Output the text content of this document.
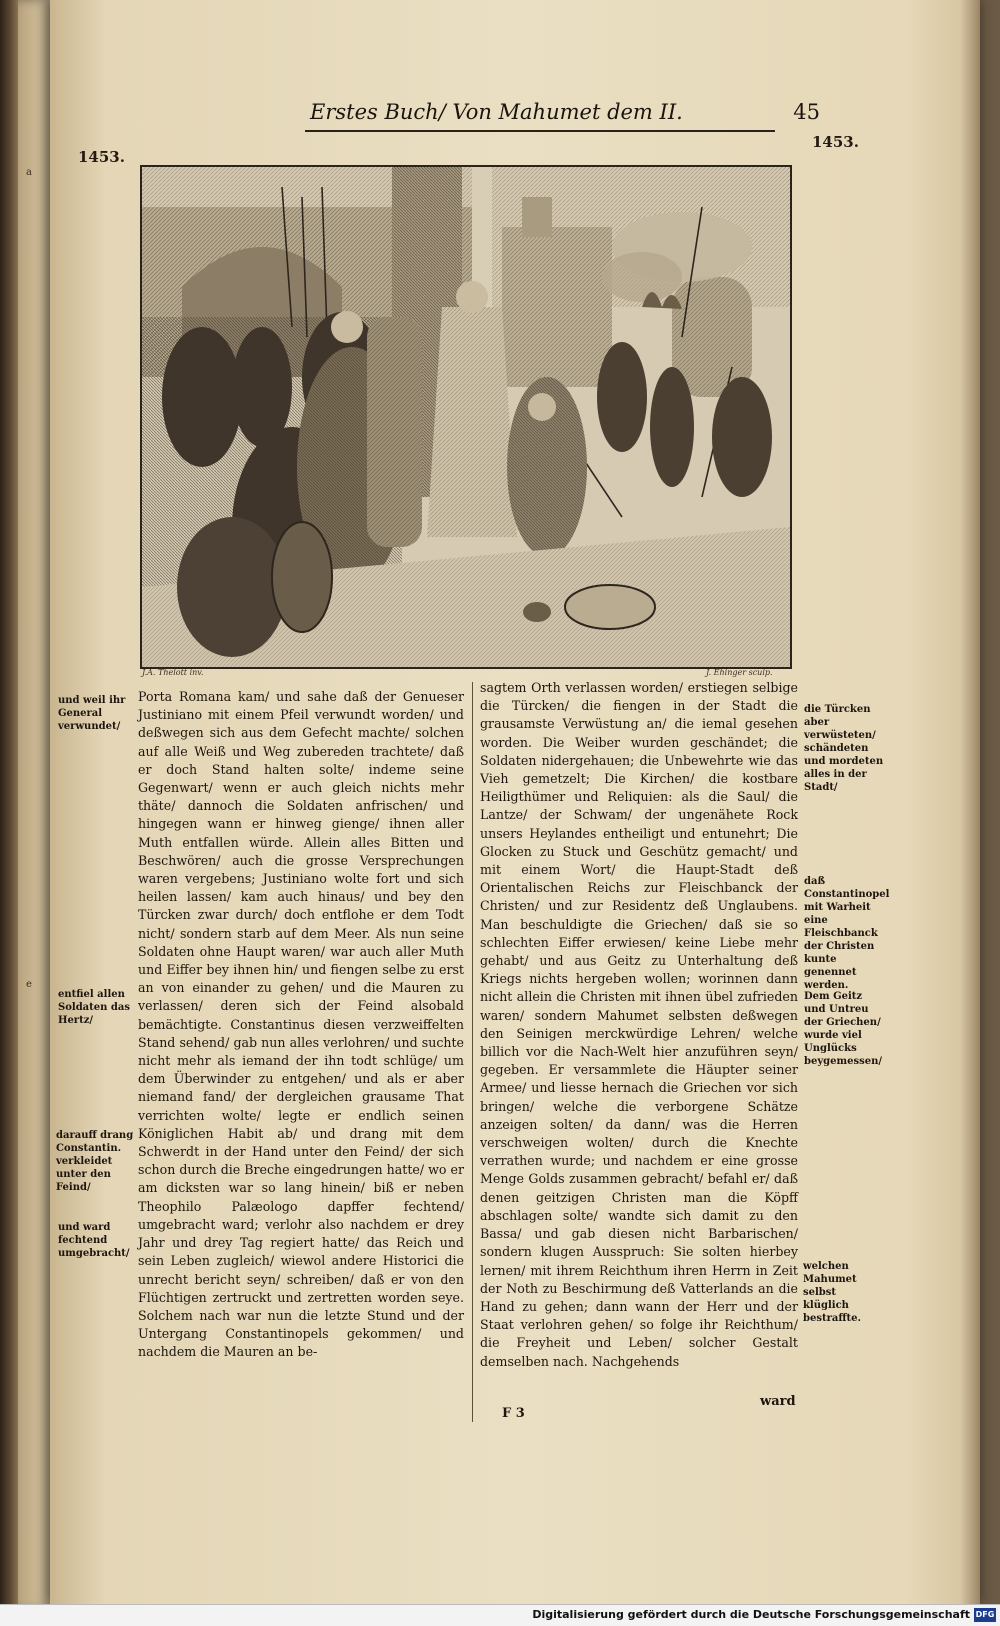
a
e
Erstes Buch/ Von Mahumet dem II.	45
1453.
1453.
J.A. Thelott inv.	J. Ehinger sculp.

Porta Romana kam/ und sahe daß der Genueser Justiniano mit einem Pfeil verwundt worden/ und deßwegen sich aus dem Gefecht machte/ solchen auf alle Weiß und Weg zubereden trachtete/ daß er doch Stand halten solte/ indeme seine Gegenwart/ wenn er auch gleich nichts mehr thäte/ dannoch die Soldaten anfrischen/ und hingegen wann er hinweg gienge/ ihnen aller Muth entfallen würde. Allein alles Bitten und Beschwören/ auch die grosse Versprechungen waren vergebens; Justiniano wolte fort und sich heilen lassen/ kam auch hinaus/ und bey den Türcken zwar durch/ doch entflohe er dem Todt nicht/ sondern starb auf dem Meer. Als nun seine Soldaten ohne Haupt waren/ war auch aller Muth und Eiffer bey ihnen hin/ und fiengen selbe zu erst an von einander zu gehen/ und die Mauren zu verlassen/ deren sich der Feind alsobald bemächtigte. Constantinus diesen verzweiffelten Stand sehend/ gab nun alles verlohren/ und suchte nicht mehr als iemand der ihn todt schlüge/ um dem Überwinder zu entgehen/ und als er aber niemand fand/ der dergleichen grausame That verrichten wolte/ legte er endlich seinen Königlichen Habit ab/ und drang mit dem Schwerdt in der Hand unter den Feind/ der sich schon durch die Breche eingedrungen hatte/ wo er am dicksten war so lang hinein/ biß er neben Theophilo Palæologo dapffer fechtend/ umgebracht ward; verlohr also nachdem er drey Jahr und drey Tag regiert hatte/ das Reich und sein Leben zugleich/ wiewol andere Historici die unrecht bericht seyn/ schreiben/ daß er von den Flüchtigen zertruckt und zertretten worden seye. Solchem nach war nun die letzte Stund und der Untergang Constantinopels gekommen/ und nachdem die Mauren an be-

sagtem Orth verlassen worden/ erstiegen selbige die Türcken/ die fiengen in der Stadt die grausamste Verwüstung an/ die iemal gesehen worden. Die Weiber wurden geschändet; die Soldaten nidergehauen; die Unbewehrte wie das Vieh gemetzelt; Die Kirchen/ die kostbare Heiligthümer und Reliquien: als die Saul/ die Lantze/ der Schwam/ der ungenähete Rock unsers Heylandes entheiligt und entunehrt; Die Glocken zu Stuck und Geschütz gemacht/ und mit einem Wort/ die Haupt-Stadt deß Orientalischen Reichs zur Fleischbanck der Christen/ und zur Residentz deß Unglaubens. Man beschuldigte die Griechen/ daß sie so schlechten Eiffer erwiesen/ keine Liebe mehr gehabt/ und aus Geitz zu Unterhaltung deß Kriegs nichts hergeben wollen; worinnen dann nicht allein die Christen mit ihnen übel zufrieden waren/ sondern Mahumet selbsten deßwegen den Seinigen merckwürdige Lehren/ welche billich vor die Nach-Welt hier anzuführen seyn/ gegeben. Er versammlete die Häupter seiner Armee/ und liesse hernach die Griechen vor sich bringen/ welche die verborgene Schätze anzeigen solten/ da dann/ was die Herren verschweigen wolten/ durch die Knechte verrathen wurde; und nachdem er eine grosse Menge Golds zusammen gebracht/ befahl er/ daß denen geitzigen Christen man die Köpff abschlagen solte/ wandte sich damit zu den Bassa/ und gab diesen nicht Barbarischen/ sondern klugen Ausspruch: Sie solten hierbey lernen/ mit ihrem Reichthum ihren Herrn in Zeit der Noth zu Beschirmung deß Vatterlands an die Hand zu gehen; dann wann der Herr und der Staat verlohren gehen/ so folge ihr Reichthum/ die Freyheit und Leben/ solcher Gestalt demselben nach. Nachgehends

F 3
ward
und weil ihr General verwundet/
entfiel allen Soldaten das Hertz/
darauff drang Constantin. verkleidet unter den Feind/
und ward fechtend umgebracht/
die Türcken aber verwüsteten/ schändeten und mordeten alles in der Stadt/
daß Constantinopel mit Warheit eine Fleischbanck der Christen kunte genennet werden.
Dem Geitz und Untreu der Griechen/ wurde viel Unglücks beygemessen/
welchen Mahumet selbst klüglich bestraffte.
Digitalisierung gefördert durch die Deutsche Forschungsgemeinschaft DFG
